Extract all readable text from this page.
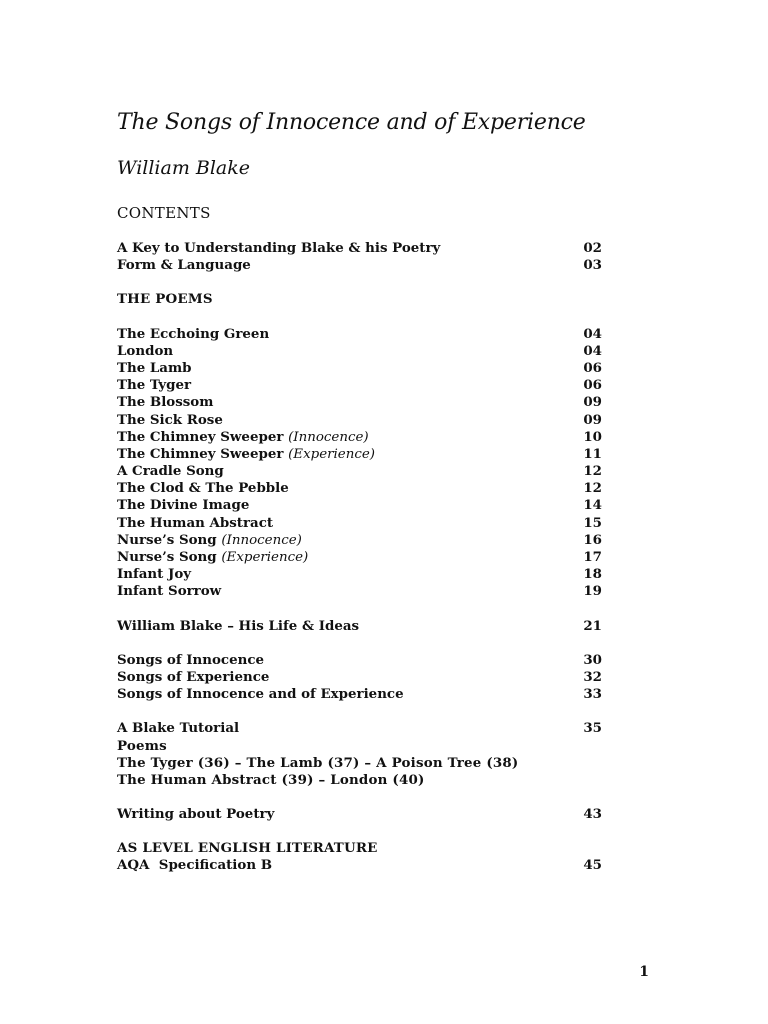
The Songs of Innocence and of Experience
William Blake
CONTENTS
A Key to Understanding Blake & his Poetry	02
Form & Language	03
THE POEMS
The Ecchoing Green	04
London	04
The Lamb	06
The Tyger	06
The Blossom	09
The Sick Rose	09
The Chimney Sweeper (Innocence)	10
The Chimney Sweeper (Experience)	11
A Cradle Song	12
The Clod & The Pebble	12
The Divine Image	14
The Human Abstract	15
Nurse’s Song (Innocence)	16
Nurse’s Song (Experience)	17
Infant Joy	18
Infant Sorrow	19
William Blake – His Life & Ideas	21
Songs of Innocence	30
Songs of Experience	32
Songs of Innocence and of Experience	33
A Blake Tutorial	35
Poems
The Tyger (36) – The Lamb (37) – A Poison Tree (38)
The Human Abstract (39) – London (40)
Writing about Poetry	43
AS LEVEL ENGLISH LITERATURE
AQA  Specification B	45
1
